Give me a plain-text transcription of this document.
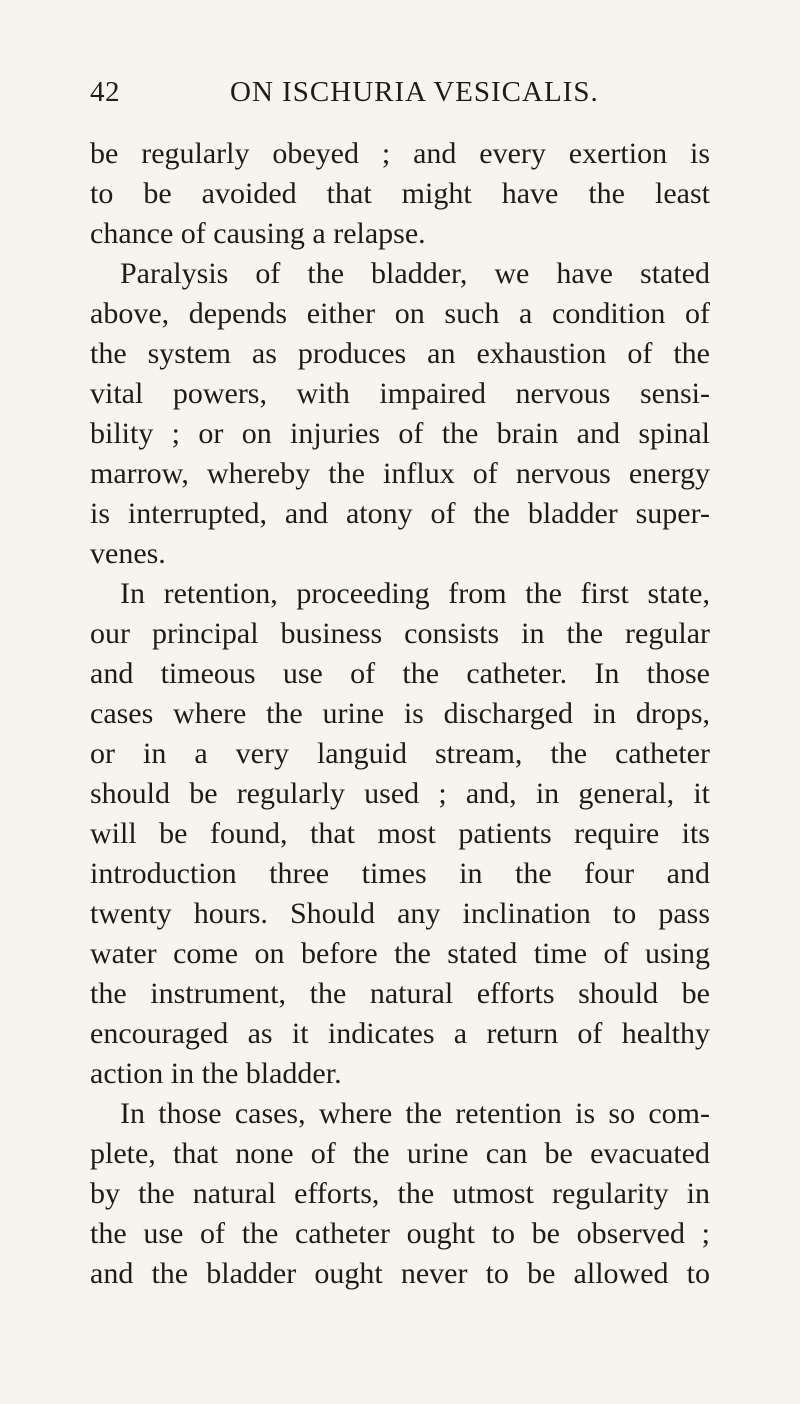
42	ON ISCHURIA VESICALIS.
be regularly obeyed ; and every exertion is
to be avoided that might have the least
chance of causing a relapse.
Paralysis of the bladder, we have stated
above, depends either on such a condition of
the system as produces an exhaustion of the
vital powers, with impaired nervous sensi-
bility ; or on injuries of the brain and spinal
marrow, whereby the influx of nervous energy
is interrupted, and atony of the bladder super-
venes.
In retention, proceeding from the first state,
our principal business consists in the regular
and timeous use of the catheter. In those
cases where the urine is discharged in drops,
or in a very languid stream, the catheter
should be regularly used ; and, in general, it
will be found, that most patients require its
introduction three times in the four and
twenty hours. Should any inclination to pass
water come on before the stated time of using
the instrument, the natural efforts should be
encouraged as it indicates a return of healthy
action in the bladder.
In those cases, where the retention is so com-
plete, that none of the urine can be evacuated
by the natural efforts, the utmost regularity in
the use of the catheter ought to be observed ;
and the bladder ought never to be allowed to
